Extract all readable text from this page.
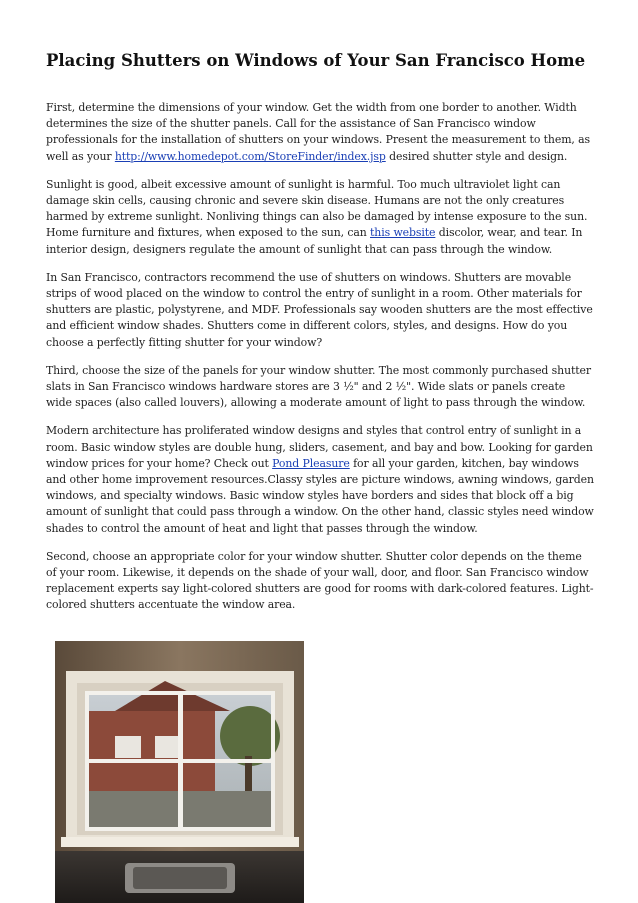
Placing Shutters on Windows of Your San Francisco Home

First, determine the dimensions of your window. Get the width from one border to another. Width determines the size of the shutter panels. Call for the assistance of San Francisco window professionals for the installation of shutters on your windows. Present the measurement to them, as well as your http://www.homedepot.com/StoreFinder/index.jsp desired shutter style and design.

Sunlight is good, albeit excessive amount of sunlight is harmful. Too much ultraviolet light can damage skin cells, causing chronic and severe skin disease. Humans are not the only creatures harmed by extreme sunlight. Nonliving things can also be damaged by intense exposure to the sun. Home furniture and fixtures, when exposed to the sun, can this website discolor, wear, and tear. In interior design, designers regulate the amount of sunlight that can pass through the window.

In San Francisco, contractors recommend the use of shutters on windows. Shutters are movable strips of wood placed on the window to control the entry of sunlight in a room. Other materials for shutters are plastic, polystyrene, and MDF. Professionals say wooden shutters are the most effective and efficient window shades. Shutters come in different colors, styles, and designs. How do you choose a perfectly fitting shutter for your window?

Third, choose the size of the panels for your window shutter. The most commonly purchased shutter slats in San Francisco windows hardware stores are 3 ½" and 2 ½". Wide slats or panels create wide spaces (also called louvers), allowing a moderate amount of light to pass through the window.

Modern architecture has proliferated window designs and styles that control entry of sunlight in a room. Basic window styles are double hung, sliders, casement, and bay and bow. Looking for garden window prices for your home? Check out Pond Pleasure for all your garden, kitchen, bay windows and other home improvement resources.Classy styles are picture windows, awning windows, garden windows, and specialty windows. Basic window styles have borders and sides that block off a big amount of sunlight that could pass through a window. On the other hand, classic styles need window shades to control the amount of heat and light that passes through the window.

Second, choose an appropriate color for your window shutter. Shutter color depends on the theme of your room. Likewise, it depends on the shade of your wall, door, and floor. San Francisco window replacement experts say light-colored shutters are good for rooms with dark-colored features. Light-colored shutters accentuate the window area.
